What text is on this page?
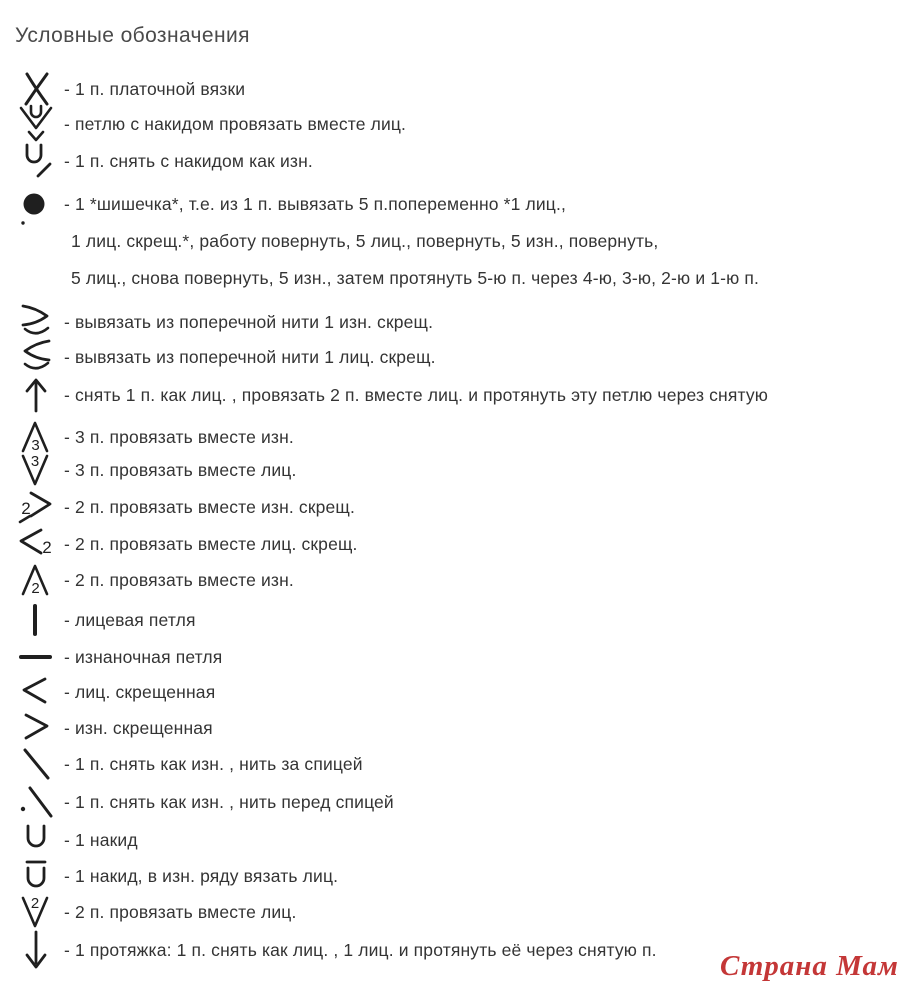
Условные обозначения
- 1 п. платочной вязки
- петлю с накидом провязать вместе лиц.
- 1 п. снять с накидом как изн.
- 1 *шишечка*, т.е. из 1 п. вывязать 5 п.попеременно *1 лиц.,
1 лиц. скрещ.*, работу повернуть, 5 лиц., повернуть, 5 изн., повернуть,
5 лиц., снова повернуть, 5 изн., затем протянуть 5-ю п. через 4-ю, 3-ю, 2-ю и 1-ю п.
- вывязать из поперечной нити 1 изн. скрещ.
- вывязать из поперечной нити 1 лиц. скрещ.
- снять 1 п. как лиц. , провязать 2 п. вместе лиц. и протянуть эту петлю через снятую
3	- 3 п. провязать вместе изн.
3	- 3 п. провязать вместе лиц.
2	- 2 п. провязать вместе изн. скрещ.
2 - 2 п. провязать вместе лиц. скрещ.
2	- 2 п. провязать вместе изн.
- лицевая петля
- изнаночная петля
- лиц. скрещенная
- изн. скрещенная
- 1 п. снять как изн. , нить за спицей
- 1 п. снять как изн. , нить перед спицей
- 1 накид
- 1 накид, в изн. ряду вязать лиц.
2	- 2 п. провязать вместе лиц.
- 1 протяжка: 1 п. снять как лиц. , 1 лиц. и протянуть её через снятую п.
Страна Мам
